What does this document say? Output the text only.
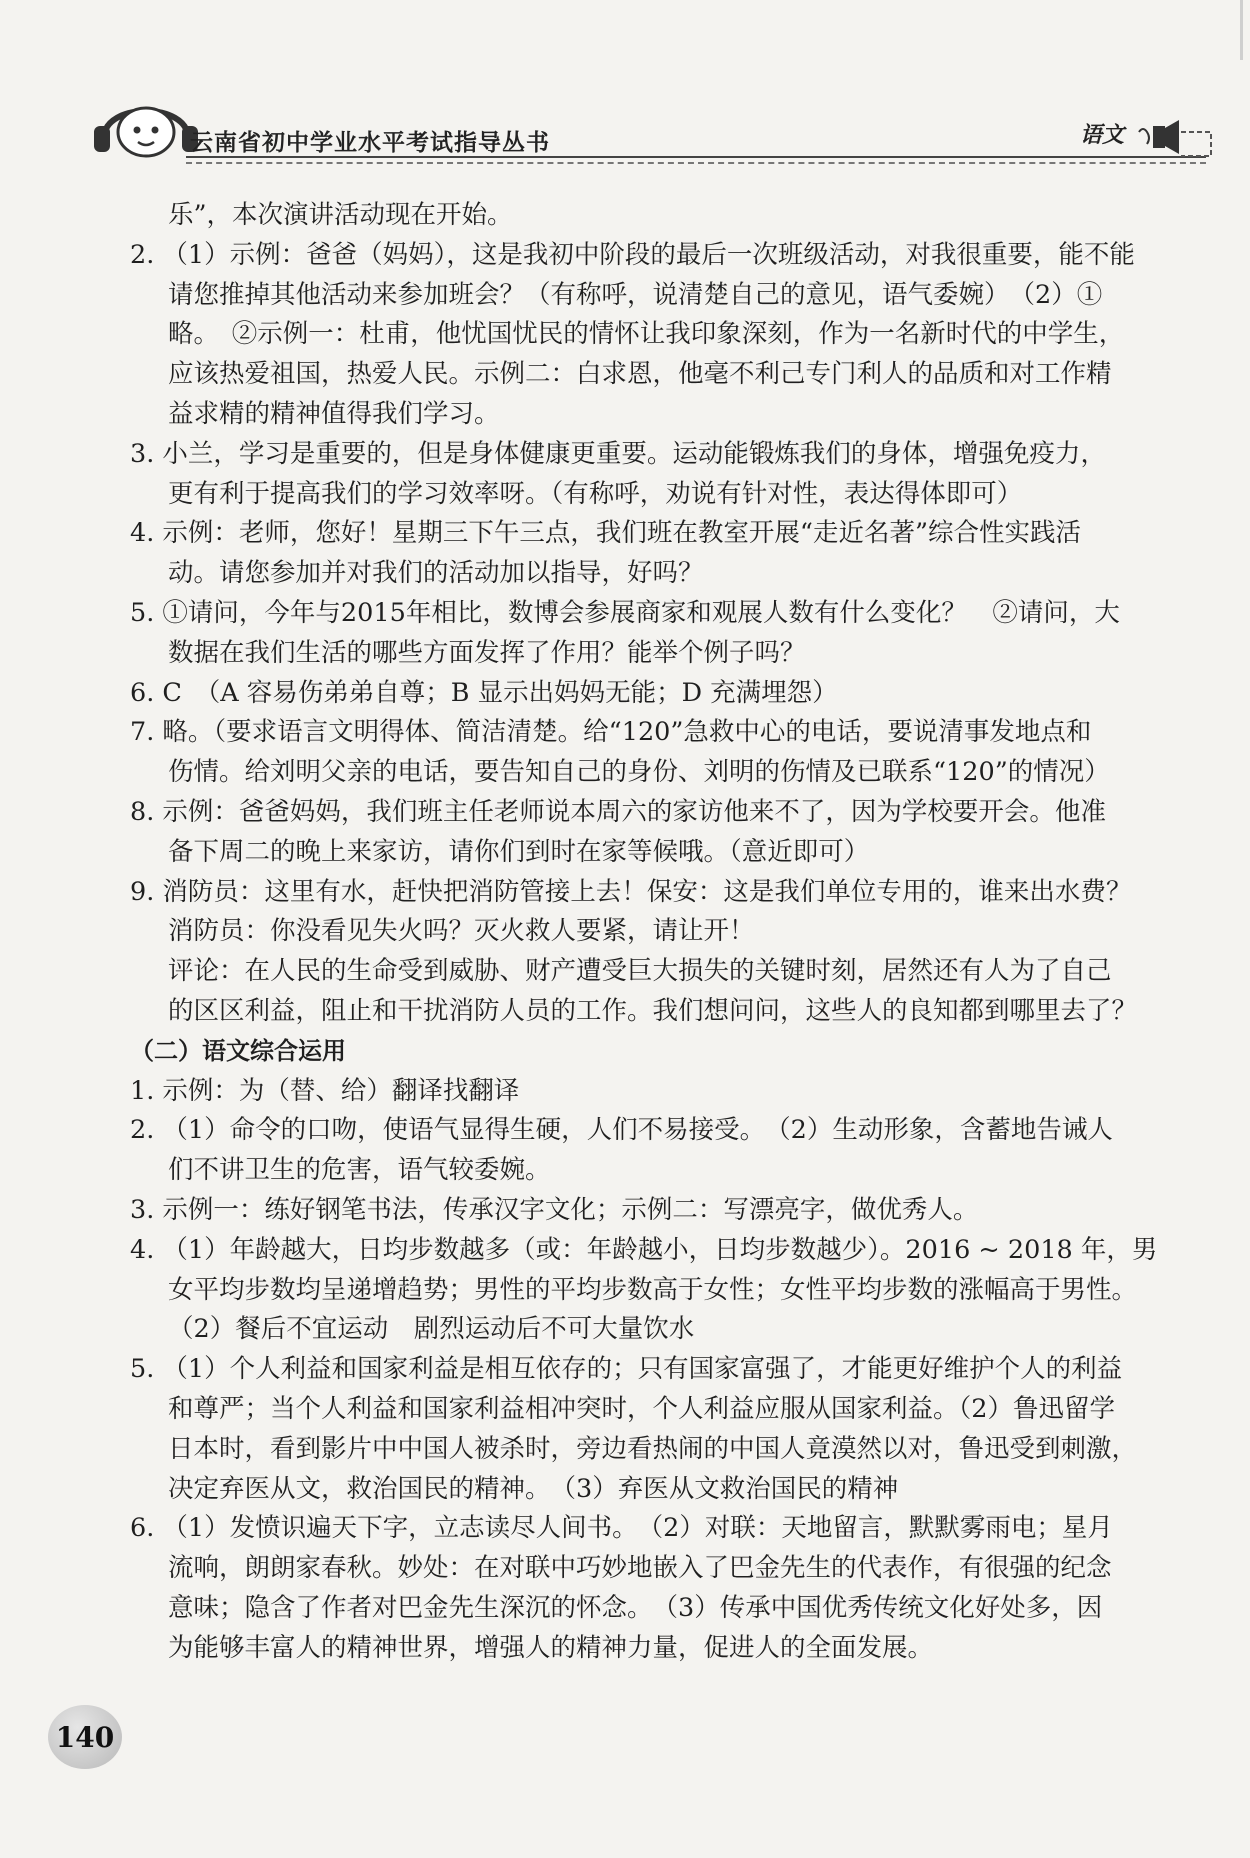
云南省初中学业水平考试指导丛书	语文
乐”，本次演讲活动现在开始。
2. （1）示例：爸爸（妈妈），这是我初中阶段的最后一次班级活动，对我很重要，能不能
请您推掉其他活动来参加班会？（有称呼，说清楚自己的意见，语气委婉）　（2）①
略。　②示例一：杜甫，他忧国忧民的情怀让我印象深刻，作为一名新时代的中学生，
应该热爱祖国，热爱人民。示例二：白求恩，他毫不利己专门利人的品质和对工作精
益求精的精神值得我们学习。
3. 小兰，学习是重要的，但是身体健康更重要。运动能锻炼我们的身体，增强免疫力，
更有利于提高我们的学习效率呀。（有称呼，劝说有针对性，表达得体即可）
4. 示例：老师，您好！星期三下午三点，我们班在教室开展“走近名著”综合性实践活
动。请您参加并对我们的活动加以指导，好吗？
5. ①请问，今年与2015年相比，数博会参展商家和观展人数有什么变化？　②请问，大
数据在我们生活的哪些方面发挥了作用？能举个例子吗？
6. C　（A 容易伤弟弟自尊；B 显示出妈妈无能；D 充满埋怨）
7. 略。（要求语言文明得体、简洁清楚。给“120”急救中心的电话，要说清事发地点和
伤情。给刘明父亲的电话，要告知自己的身份、刘明的伤情及已联系“120”的情况）
8. 示例：爸爸妈妈，我们班主任老师说本周六的家访他来不了，因为学校要开会。他准
备下周二的晚上来家访，请你们到时在家等候哦。（意近即可）
9. 消防员：这里有水，赶快把消防管接上去！保安：这是我们单位专用的，谁来出水费？
消防员：你没看见失火吗？灭火救人要紧，请让开！
评论：在人民的生命受到威胁、财产遭受巨大损失的关键时刻，居然还有人为了自己
的区区利益，阻止和干扰消防人员的工作。我们想问问，这些人的良知都到哪里去了？
（二）语文综合运用
1. 示例：为（替、给）翻译找翻译
2. （1）命令的口吻，使语气显得生硬，人们不易接受。　（2）生动形象，含蓄地告诫人
们不讲卫生的危害，语气较委婉。
3. 示例一：练好钢笔书法，传承汉字文化；示例二：写漂亮字，做优秀人。
4. （1）年龄越大，日均步数越多（或：年龄越小，日均步数越少）。2016 ~ 2018 年，男
女平均步数均呈递增趋势；男性的平均步数高于女性；女性平均步数的涨幅高于男性。
（2）餐后不宜运动　剧烈运动后不可大量饮水
5. （1）个人利益和国家利益是相互依存的；只有国家富强了，才能更好维护个人的利益
和尊严；当个人利益和国家利益相冲突时，个人利益应服从国家利益。（2）鲁迅留学
日本时，看到影片中中国人被杀时，旁边看热闹的中国人竟漠然以对，鲁迅受到刺激，
决定弃医从文，救治国民的精神。　（3）弃医从文救治国民的精神
6. （1）发愤识遍天下字，立志读尽人间书。　（2）对联：天地留言，默默雾雨电；星月
流响，朗朗家春秋。妙处：在对联中巧妙地嵌入了巴金先生的代表作，有很强的纪念
意味；隐含了作者对巴金先生深沉的怀念。　（3）传承中国优秀传统文化好处多，因
为能够丰富人的精神世界，增强人的精神力量，促进人的全面发展。
140
